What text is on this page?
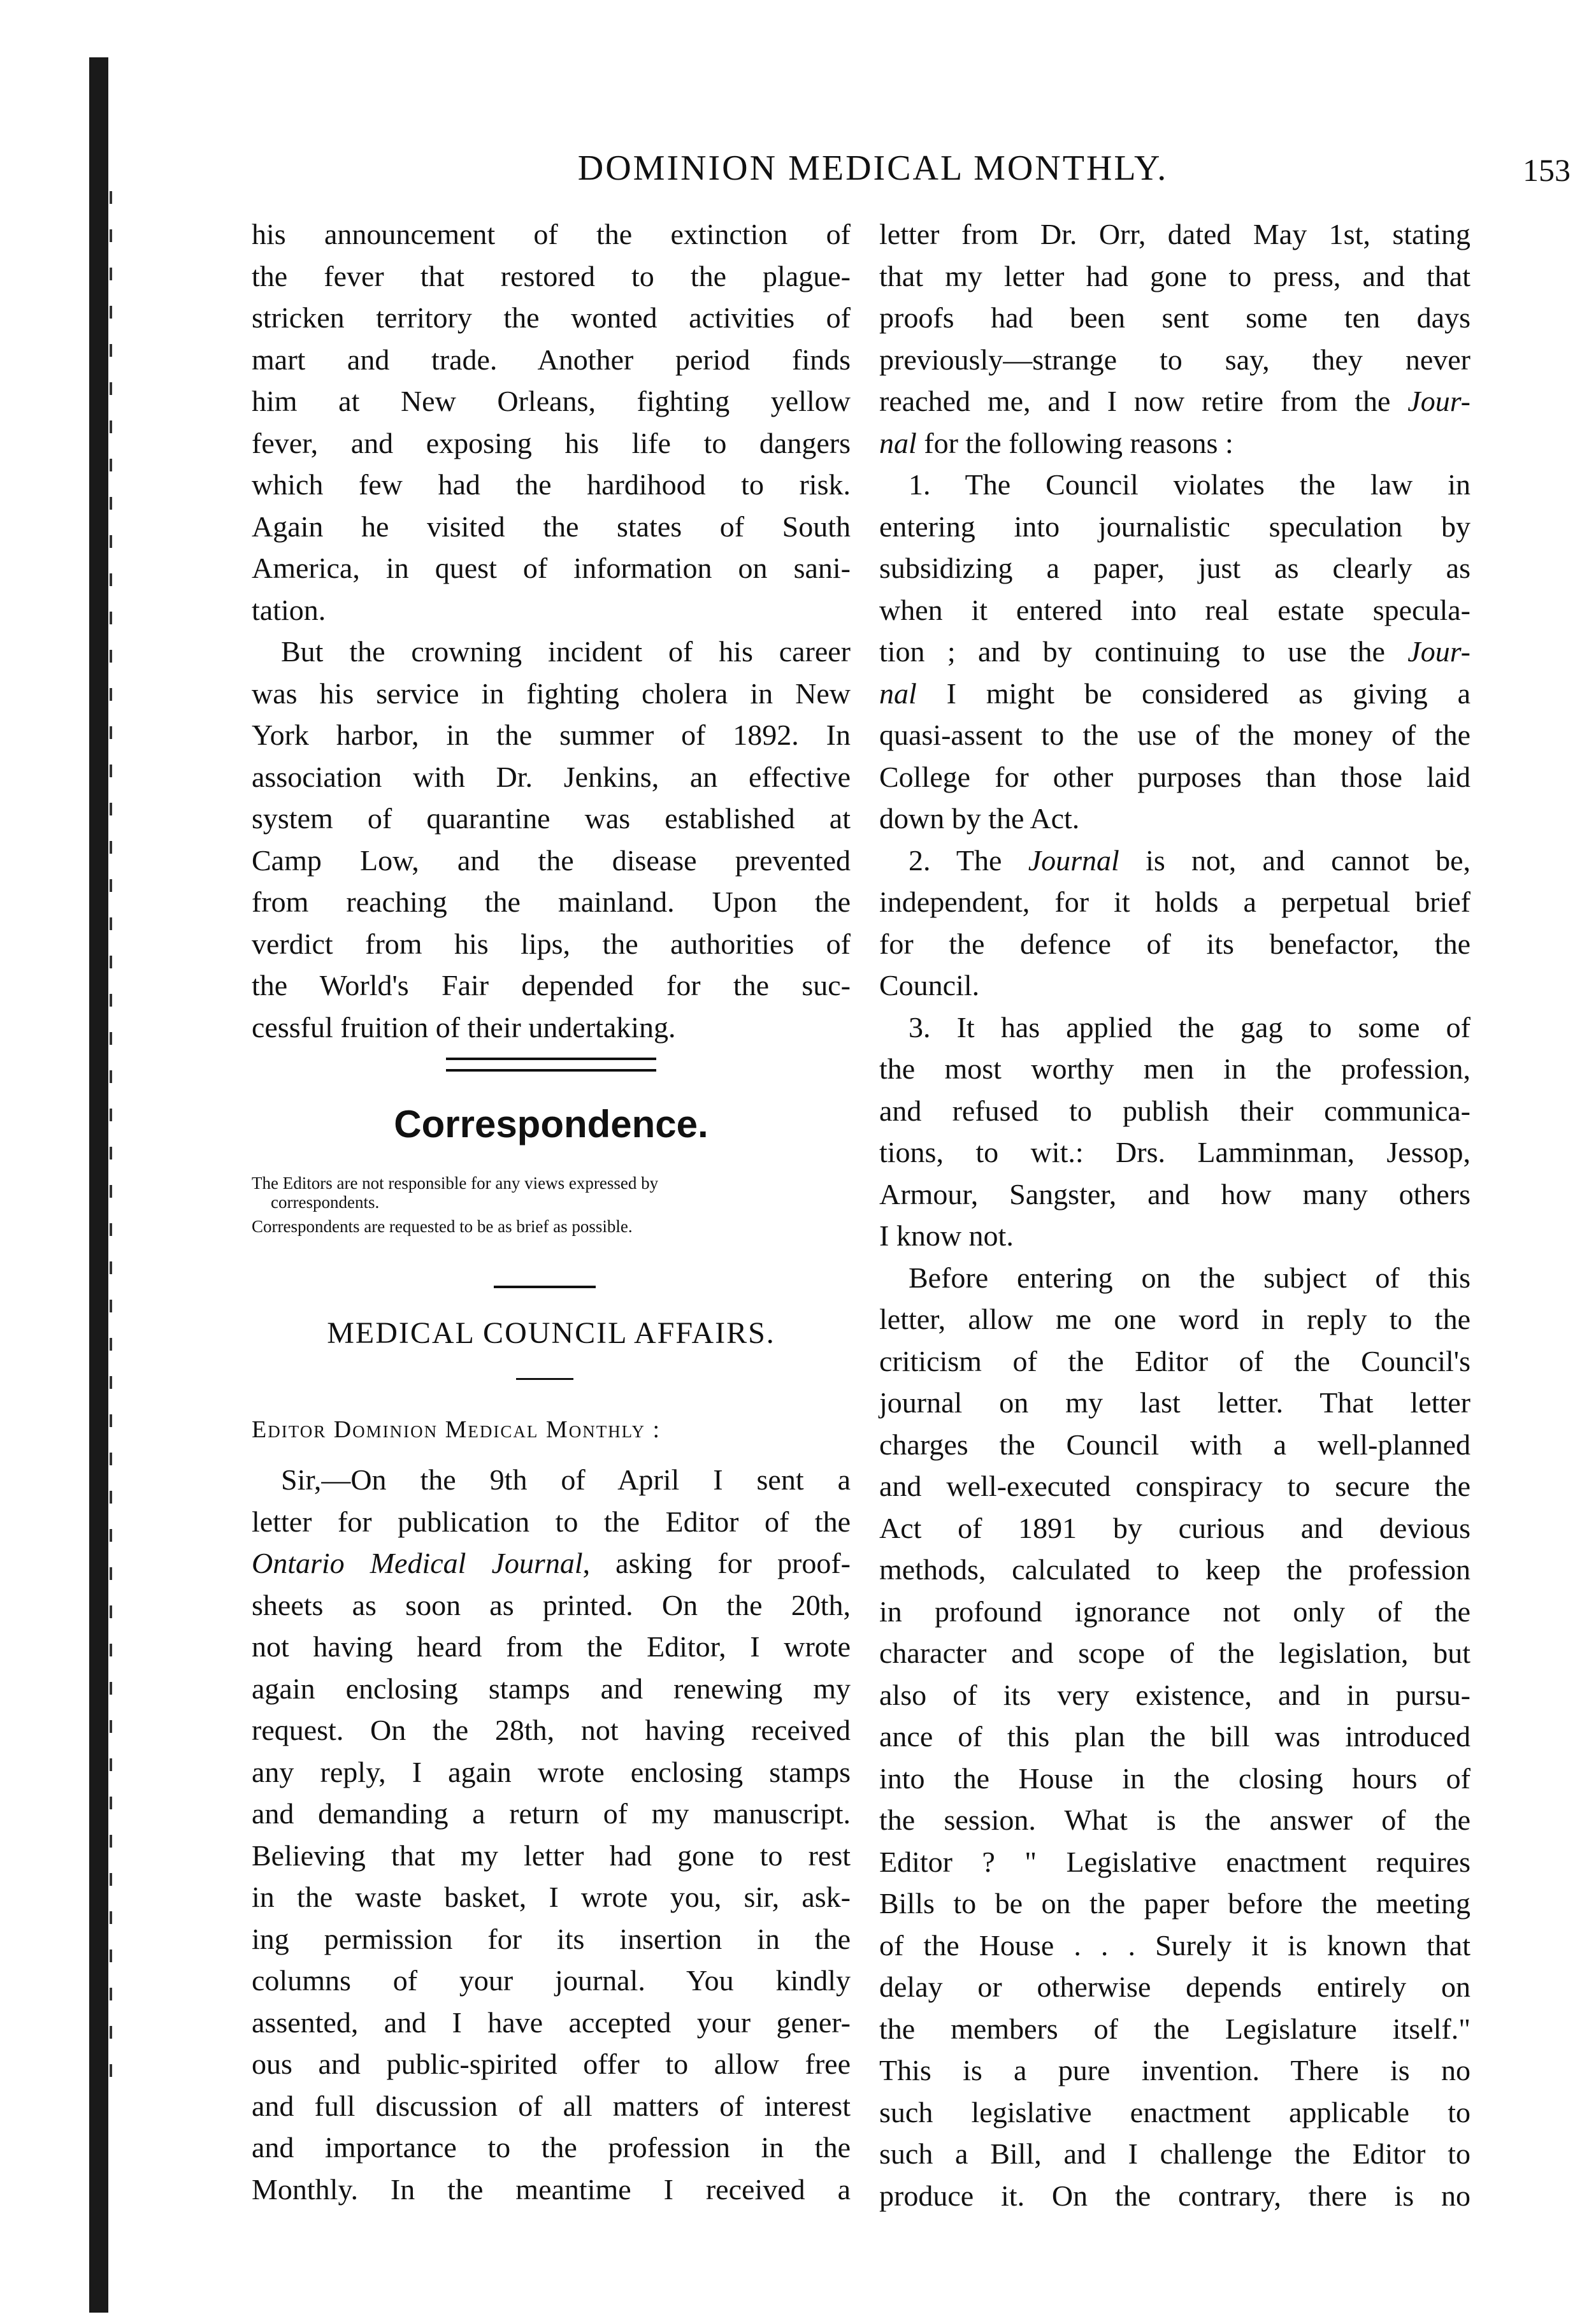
DOMINION MEDICAL MONTHLY.	153
his announcement of the extinction of
the fever that restored to the plague-
stricken territory the wonted activities of
mart and trade. Another period finds
him at New Orleans, fighting yellow
fever, and exposing his life to dangers
which few had the hardihood to risk.
Again he visited the states of South
America, in quest of information on sani-
tation.
But the crowning incident of his career
was his service in fighting cholera in New
York harbor, in the summer of 1892. In
association with Dr. Jenkins, an effective
system of quarantine was established at
Camp Low, and the disease prevented
from reaching the mainland. Upon the
verdict from his lips, the authorities of
the World's Fair depended for the suc-
cessful fruition of their undertaking.
Correspondence.
The Editors are not responsible for any views expressed by
correspondents.
Correspondents are requested to be as brief as possible.
MEDICAL COUNCIL AFFAIRS.
Editor Dominion Medical Monthly :
Sir,—On the 9th of April I sent a
letter for publication to the Editor of the
Ontario Medical Journal, asking for proof-
sheets as soon as printed. On the 20th,
not having heard from the Editor, I wrote
again enclosing stamps and renewing my
request. On the 28th, not having received
any reply, I again wrote enclosing stamps
and demanding a return of my manuscript.
Believing that my letter had gone to rest
in the waste basket, I wrote you, sir, ask-
ing permission for its insertion in the
columns of your journal. You kindly
assented, and I have accepted your gener-
ous and public-spirited offer to allow free
and full discussion of all matters of interest
and importance to the profession in the
Monthly. In the meantime I received a
letter from Dr. Orr, dated May 1st, stating
that my letter had gone to press, and that
proofs had been sent some ten days
previously—strange to say, they never
reached me, and I now retire from the Jour-
nal for the following reasons :
1. The Council violates the law in
entering into journalistic speculation by
subsidizing a paper, just as clearly as
when it entered into real estate specula-
tion ; and by continuing to use the Jour-
nal I might be considered as giving a
quasi-assent to the use of the money of the
College for other purposes than those laid
down by the Act.
2. The Journal is not, and cannot be,
independent, for it holds a perpetual brief
for the defence of its benefactor, the
Council.
3. It has applied the gag to some of
the most worthy men in the profession,
and refused to publish their communica-
tions, to wit.: Drs. Lamminman, Jessop,
Armour, Sangster, and how many others
I know not.
Before entering on the subject of this
letter, allow me one word in reply to the
criticism of the Editor of the Council's
journal on my last letter. That letter
charges the Council with a well-planned
and well-executed conspiracy to secure the
Act of 1891 by curious and devious
methods, calculated to keep the profession
in profound ignorance not only of the
character and scope of the legislation, but
also of its very existence, and in pursu-
ance of this plan the bill was introduced
into the House in the closing hours of
the session. What is the answer of the
Editor ? " Legislative enactment requires
Bills to be on the paper before the meeting
of the House . . . Surely it is known that
delay or otherwise depends entirely on
the members of the Legislature itself."
This is a pure invention. There is no
such legislative enactment applicable to
such a Bill, and I challenge the Editor to
produce it. On the contrary, there is no
